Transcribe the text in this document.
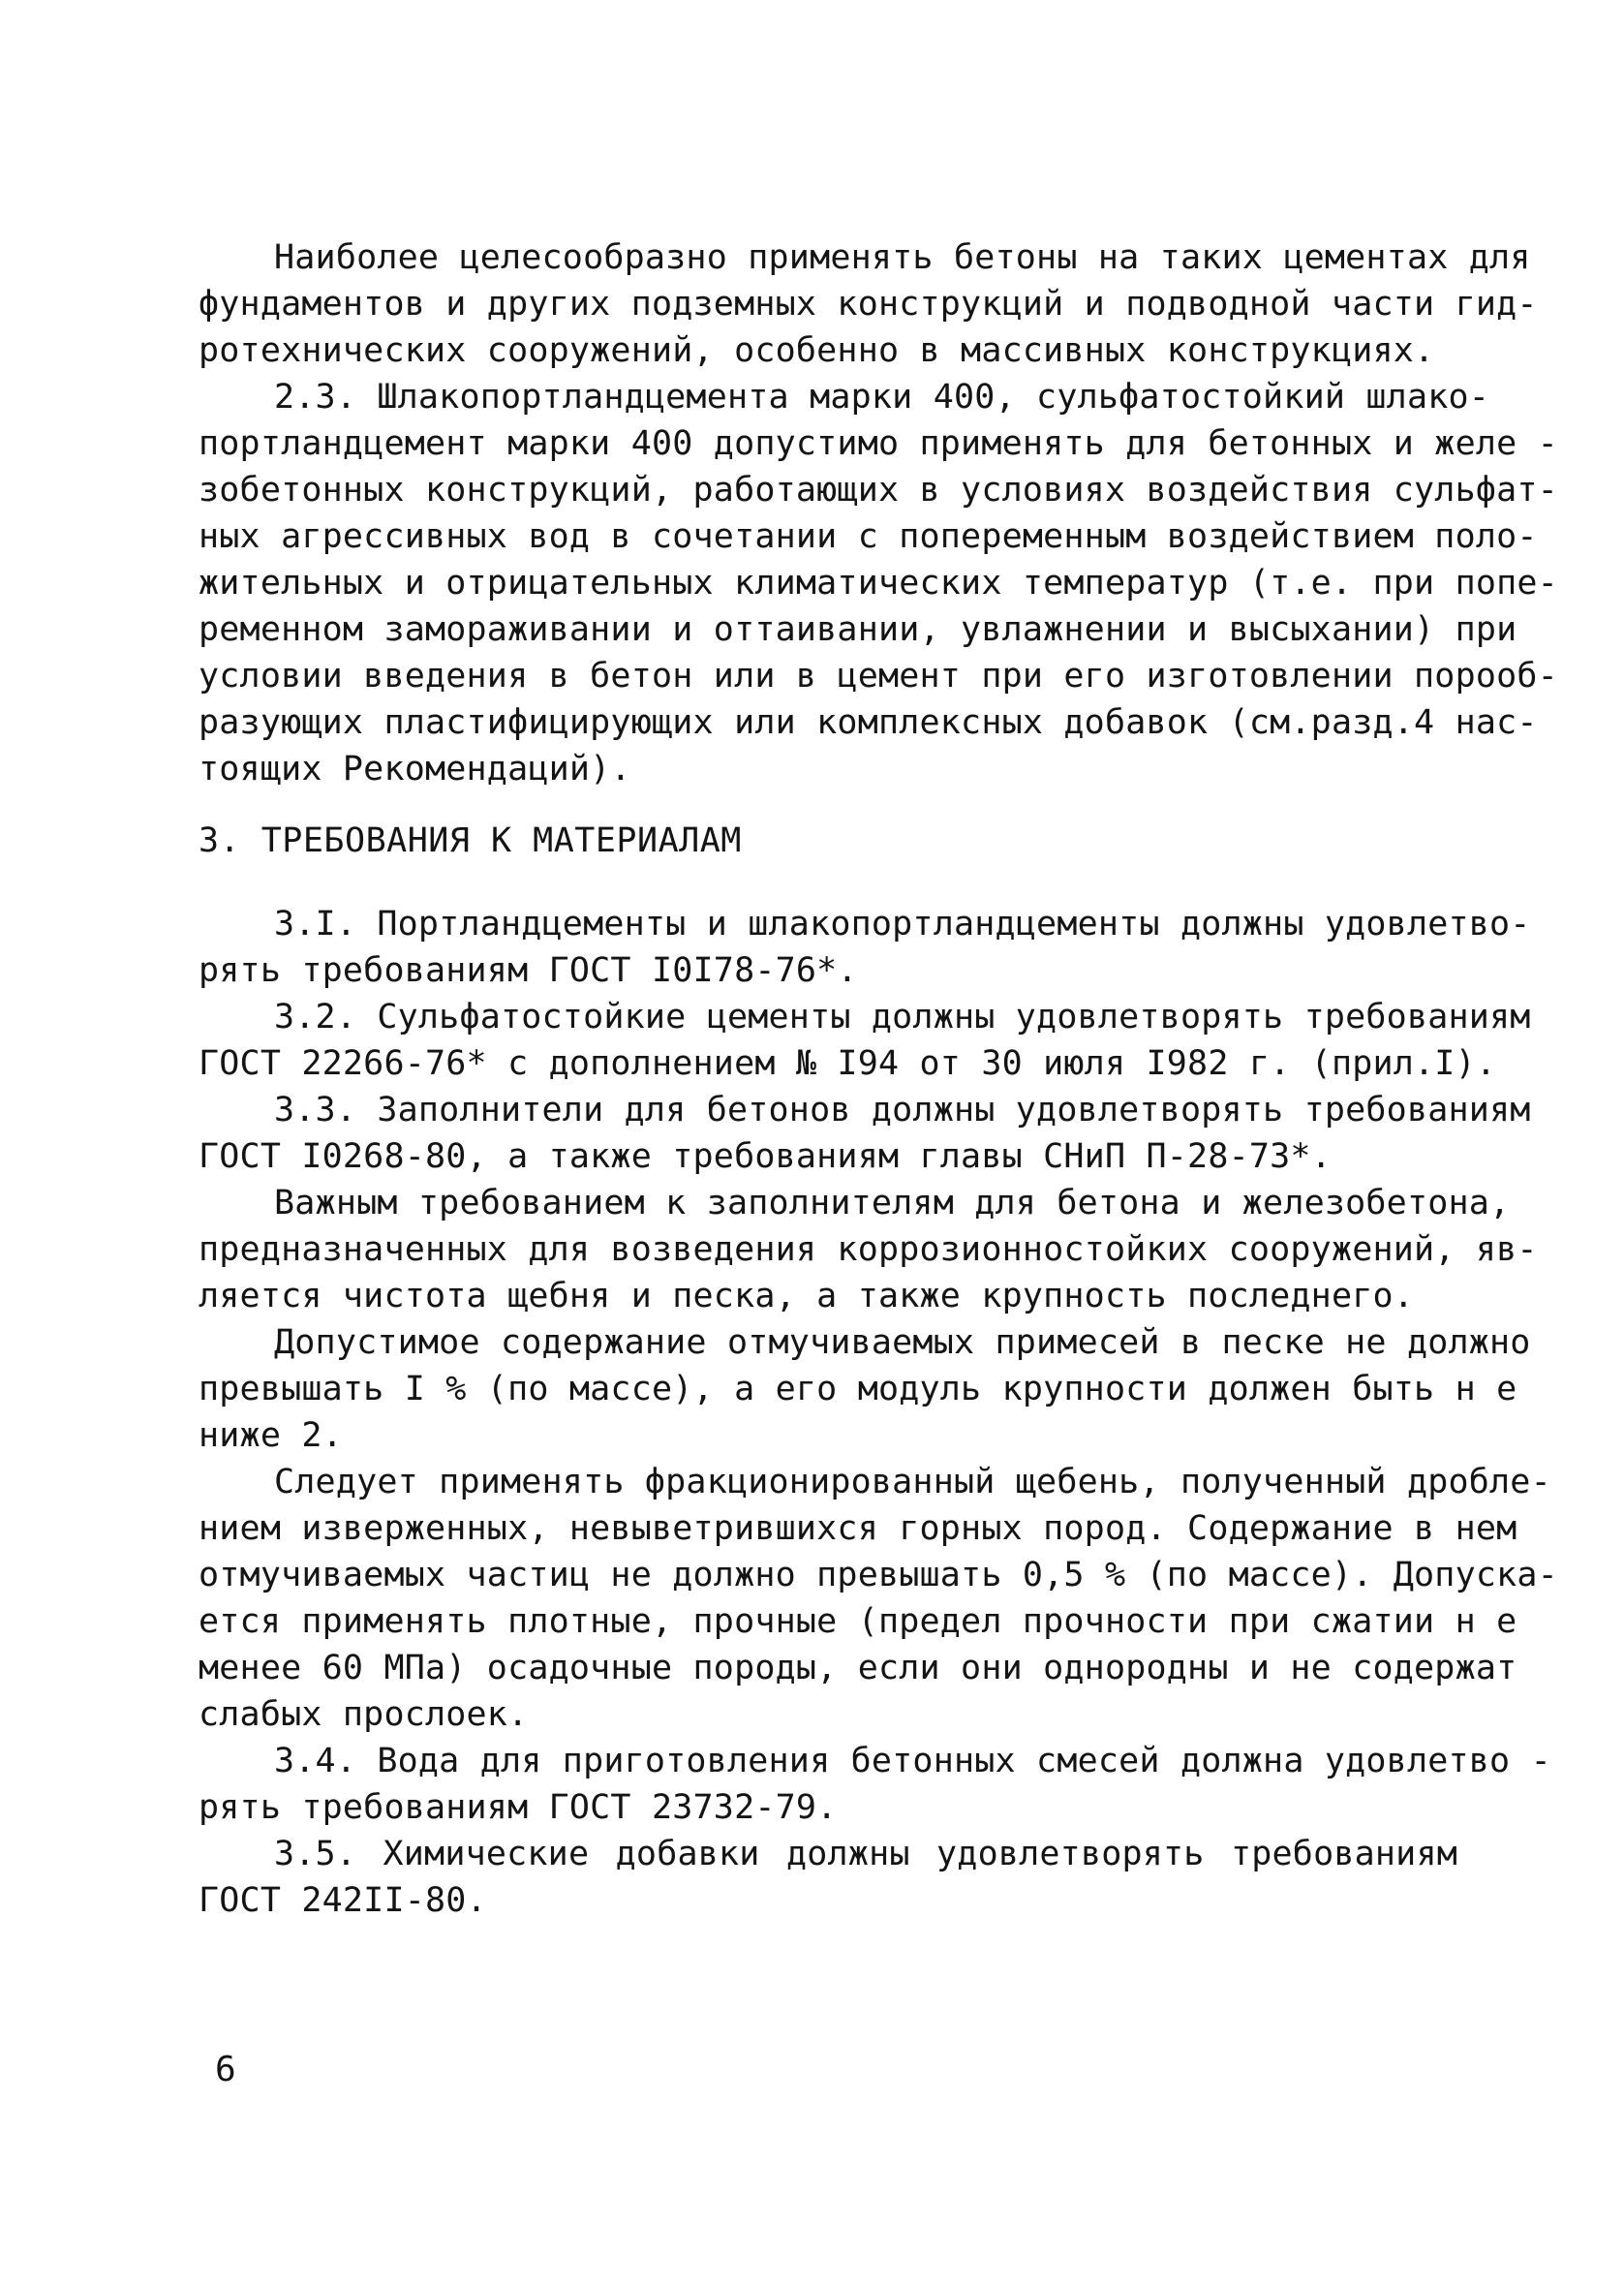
Наиболее целесообразно применять бетоны на таких цементах для
фундаментов и других подземных конструкций и подводной части гид-
ротехнических сооружений, особенно в массивных конструкциях.
2.3. Шлакопортландцемента марки 400, сульфатостойкий шлако-
портландцемент марки 400 допустимо применять для бетонных и желе -
зобетонных конструкций, работающих в условиях воздействия сульфат-
ных агрессивных вод в сочетании с попеременным воздействием поло-
жительных и отрицательных климатических температур (т.е. при попе-
ременном замораживании и оттаивании, увлажнении и высыхании) при
условии введения в бетон или в цемент при его изготовлении порооб-
разующих пластифицирующих или комплексных добавок (см.разд.4 нас-
тоящих Рекомендаций).
3. ТРЕБОВАНИЯ К МАТЕРИАЛАМ
3.I. Портландцементы и шлакопортландцементы должны удовлетво-
рять требованиям ГОСТ I0I78-76*.
3.2. Сульфатостойкие цементы должны удовлетворять требованиям
ГОСТ 22266-76* с дополнением № I94 от 30 июля I982 г. (прил.I).
3.3. Заполнители для бетонов должны удовлетворять требованиям
ГОСТ I0268-80, а также требованиям главы СНиП П-28-73*.
Важным требованием к заполнителям для бетона и железобетона,
предназначенных для возведения коррозионностойких сооружений, яв-
ляется чистота щебня и песка, а также крупность последнего.
Допустимое содержание отмучиваемых примесей в песке не должно
превышать I % (по массе), а его модуль крупности должен быть н е
ниже 2.
Следует применять фракционированный щебень, полученный дробле-
нием изверженных, невыветрившихся горных пород. Содержание в нем
отмучиваемых частиц не должно превышать 0,5 % (по массе). Допуска-
ется применять плотные, прочные (предел прочности при сжатии н е
менее 60 МПа) осадочные породы, если они однородны и не содержат
слабых прослоек.
3.4. Вода для приготовления бетонных смесей должна удовлетво -
рять требованиям ГОСТ 23732-79.
3.5. Химические добавки должны удовлетворять требованиям
ГОСТ 242II-80.
6
